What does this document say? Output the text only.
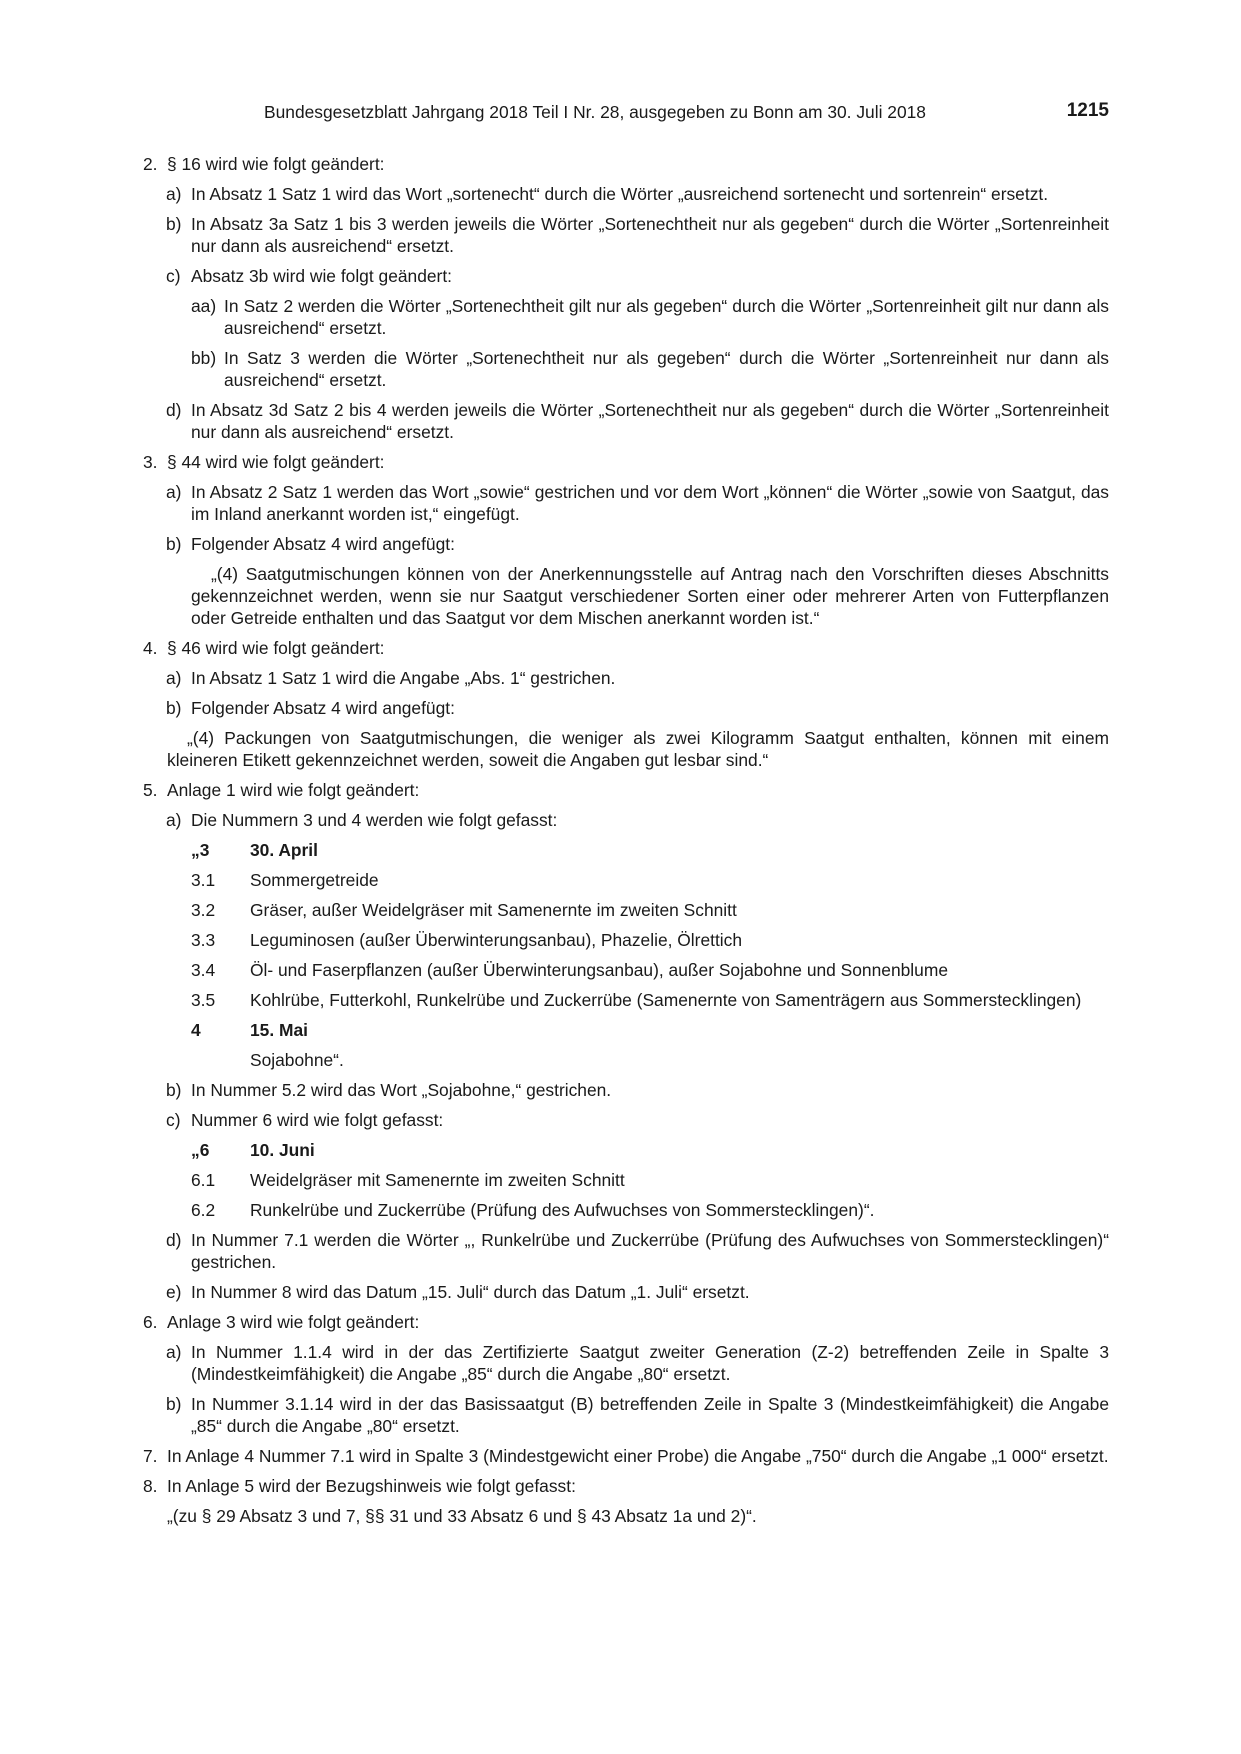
Bundesgesetzblatt Jahrgang 2018 Teil I Nr. 28, ausgegeben zu Bonn am 30. Juli 2018	1215
2. § 16 wird wie folgt geändert:
a) In Absatz 1 Satz 1 wird das Wort „sortenecht“ durch die Wörter „ausreichend sortenecht und sortenrein“ ersetzt.
b) In Absatz 3a Satz 1 bis 3 werden jeweils die Wörter „Sortenechtheit nur als gegeben“ durch die Wörter „Sortenreinheit nur dann als ausreichend“ ersetzt.
c) Absatz 3b wird wie folgt geändert:
aa) In Satz 2 werden die Wörter „Sortenechtheit gilt nur als gegeben“ durch die Wörter „Sortenreinheit gilt nur dann als ausreichend“ ersetzt.
bb) In Satz 3 werden die Wörter „Sortenechtheit nur als gegeben“ durch die Wörter „Sortenreinheit nur dann als ausreichend“ ersetzt.
d) In Absatz 3d Satz 2 bis 4 werden jeweils die Wörter „Sortenechtheit nur als gegeben“ durch die Wörter „Sortenreinheit nur dann als ausreichend“ ersetzt.
3. § 44 wird wie folgt geändert:
a) In Absatz 2 Satz 1 werden das Wort „sowie“ gestrichen und vor dem Wort „können“ die Wörter „sowie von Saatgut, das im Inland anerkannt worden ist,“ eingefügt.
b) Folgender Absatz 4 wird angefügt:
„(4) Saatgutmischungen können von der Anerkennungsstelle auf Antrag nach den Vorschriften dieses Abschnitts gekennzeichnet werden, wenn sie nur Saatgut verschiedener Sorten einer oder mehrerer Arten von Futterpflanzen oder Getreide enthalten und das Saatgut vor dem Mischen anerkannt worden ist.“
4. § 46 wird wie folgt geändert:
a) In Absatz 1 Satz 1 wird die Angabe „Abs. 1“ gestrichen.
b) Folgender Absatz 4 wird angefügt:
„(4) Packungen von Saatgutmischungen, die weniger als zwei Kilogramm Saatgut enthalten, können mit einem kleineren Etikett gekennzeichnet werden, soweit die Angaben gut lesbar sind.“
5. Anlage 1 wird wie folgt geändert:
a) Die Nummern 3 und 4 werden wie folgt gefasst:
„3 30. April
3.1 Sommergetreide
3.2 Gräser, außer Weidelgräser mit Samenernte im zweiten Schnitt
3.3 Leguminosen (außer Überwinterungsanbau), Phazelie, Ölrettich
3.4 Öl- und Faserpflanzen (außer Überwinterungsanbau), außer Sojabohne und Sonnenblume
3.5 Kohlrübe, Futterkohl, Runkelrübe und Zuckerrübe (Samenernte von Samenträgern aus Sommerstecklingen)
4	15. Mai
Sojabohne“.
b) In Nummer 5.2 wird das Wort „Sojabohne,“ gestrichen.
c) Nummer 6 wird wie folgt gefasst:
„6 10. Juni
6.1 Weidelgräser mit Samenernte im zweiten Schnitt
6.2 Runkelrübe und Zuckerrübe (Prüfung des Aufwuchses von Sommerstecklingen)“.
d) In Nummer 7.1 werden die Wörter „, Runkelrübe und Zuckerrübe (Prüfung des Aufwuchses von Sommerstecklingen)“ gestrichen.
e) In Nummer 8 wird das Datum „15. Juli“ durch das Datum „1. Juli“ ersetzt.
6. Anlage 3 wird wie folgt geändert:
a) In Nummer 1.1.4 wird in der das Zertifizierte Saatgut zweiter Generation (Z-2) betreffenden Zeile in Spalte 3 (Mindestkeimfähigkeit) die Angabe „85“ durch die Angabe „80“ ersetzt.
b) In Nummer 3.1.14 wird in der das Basissaatgut (B) betreffenden Zeile in Spalte 3 (Mindestkeimfähigkeit) die Angabe „85“ durch die Angabe „80“ ersetzt.
7. In Anlage 4 Nummer 7.1 wird in Spalte 3 (Mindestgewicht einer Probe) die Angabe „750“ durch die Angabe „1 000“ ersetzt.
8. In Anlage 5 wird der Bezugshinweis wie folgt gefasst:
„(zu § 29 Absatz 3 und 7, §§ 31 und 33 Absatz 6 und § 43 Absatz 1a und 2)“.
